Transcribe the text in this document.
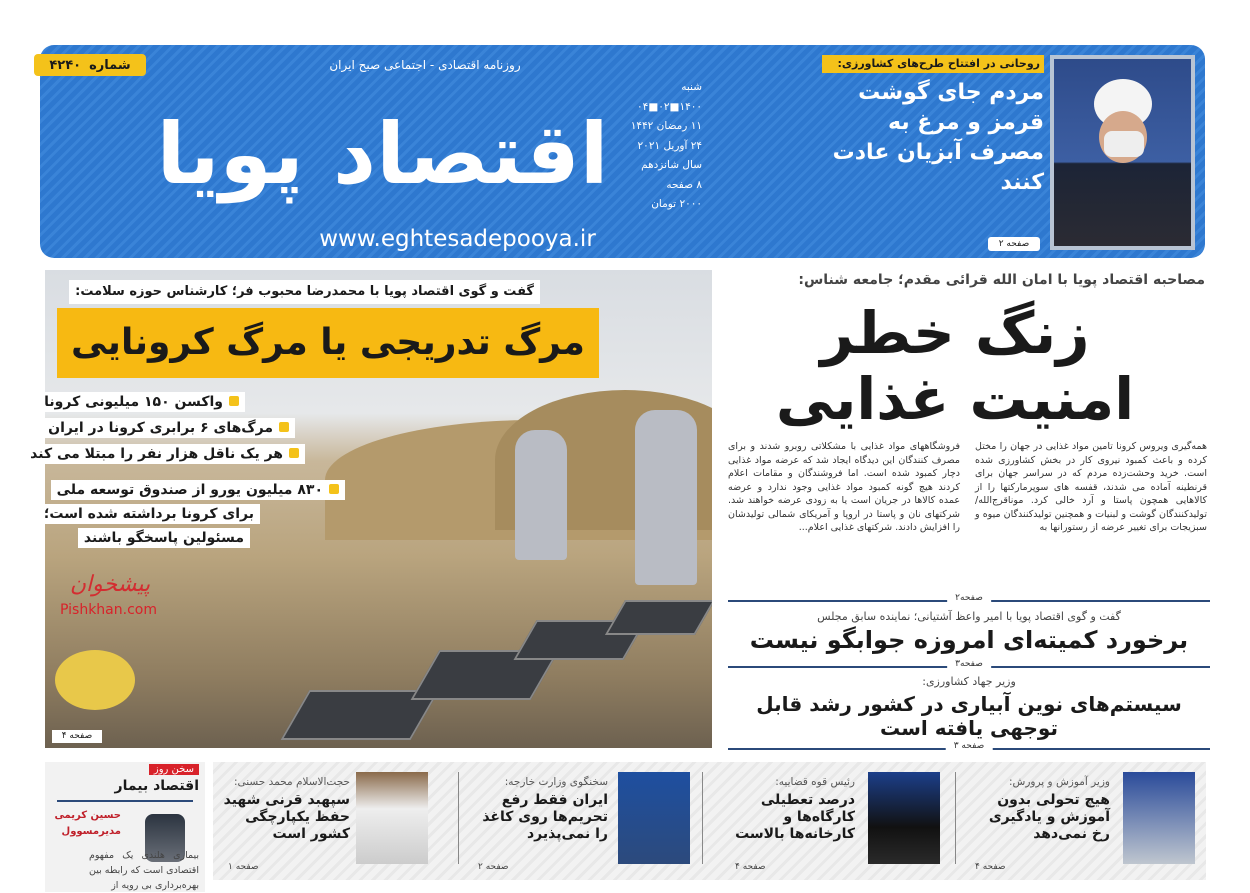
اقتصاد پویا
روزنامه اقتصادی - اجتماعی صبح ایران
www.eghtesadepooya.ir
شماره
۴۲۴۰
شنبه
۱۴۰۰■۰۲■۰۴
۱۱ رمضان ۱۴۴۲
۲۴ آوریل ۲۰۲۱
سال شانزدهم
۸ صفحه
۲۰۰۰ تومان
روحانی در افتتاح طرح‌های کشاورزی:
مردم جای گوشت قرمز و مرغ به مصرف آبزیان عادت کنند
صفحه ۲
پیشخوان
Pishkhan.com
گفت و گوی اقتصاد پویا با محمدرضا محبوب فر؛ کارشناس حوزه سلامت:
مرگ تدریجی یا مرگ کرونایی
واکسن ۱۵۰ میلیونی کرونا
مرگ‌های ۶ برابری کرونا در ایران
هر یک ناقل هزار نفر را مبتلا می کند
۸۳۰ میلیون یورو از صندوق توسعه ملی
برای کرونا برداشته شده است؛
مسئولین پاسخگو باشند
صفحه ۴
مصاحبه اقتصاد پویا با امان الله قرائی مقدم؛ جامعه شناس:
زنگ خطر امنیت غذایی
همه‌گیری ویروس کرونا تامین مواد غذایی در جهان را مختل کرده و باعث کمبود نیروی کار در بخش کشاورزی شده است. خرید وحشت‌زده مردم که در سراسر جهان برای قرنطینه آماده می شدند، قفسه های سوپرمارکتها را از کالاهایی همچون پاستا و آرد خالی کرد. موناقرج‌الله/تولیدکنندگان گوشت و لبنیات و همچنین تولیدکنندگان میوه و سبزیجات برای تغییر عرضه از رستورانها به
فروشگاههای مواد غذایی با مشکلاتی روبرو شدند و برای مصرف کنندگان این دیدگاه ایجاد شد که عرضه مواد غذایی دچار کمبود شده است. اما فروشندگان و مقامات اعلام کردند هیچ گونه کمبود مواد غذایی وجود ندارد و عرضه عمده کالاها در جریان است یا به زودی عرضه خواهند شد. شرکتهای نان و پاستا در اروپا و آمریکای شمالی تولیدشان را افزایش دادند. شرکتهای غذایی اعلام...
صفحه۲
گفت و گوی اقتصاد پویا با امیر واعظ آشتیانی؛ نماینده سابق مجلس
برخورد کمیته‌ای امروزه جوابگو نیست
صفحه۳
وزیر جهاد کشاورزی:
سیستم‌های نوین آبیاری در کشور رشد قابل توجهی یافته است
صفحه ۳
سخن روز
اقتصاد بیمار
حسین کریمی
مدیرمسوول
بیماری هلندی یک مفهوم اقتصادی است که رابطه بین بهره‌برداری بی رویه از
وزیر آموزش و پرورش:
هیچ تحولی بدون آموزش و یادگیری رخ نمی‌دهد
صفحه ۴
رئیس قوه قضاییه:
درصد تعطیلی کارگاه‌ها و کارخانه‌ها بالاست
صفحه ۴
سخنگوی وزارت خارجه:
ایران فقط رفع تحریم‌ها روی کاغذ را نمی‌پذیرد
صفحه ۲
حجت‌الاسلام محمد حسنی:
سپهبد قرنی شهید حفظ یکپارچگی کشور است
صفحه ۱
